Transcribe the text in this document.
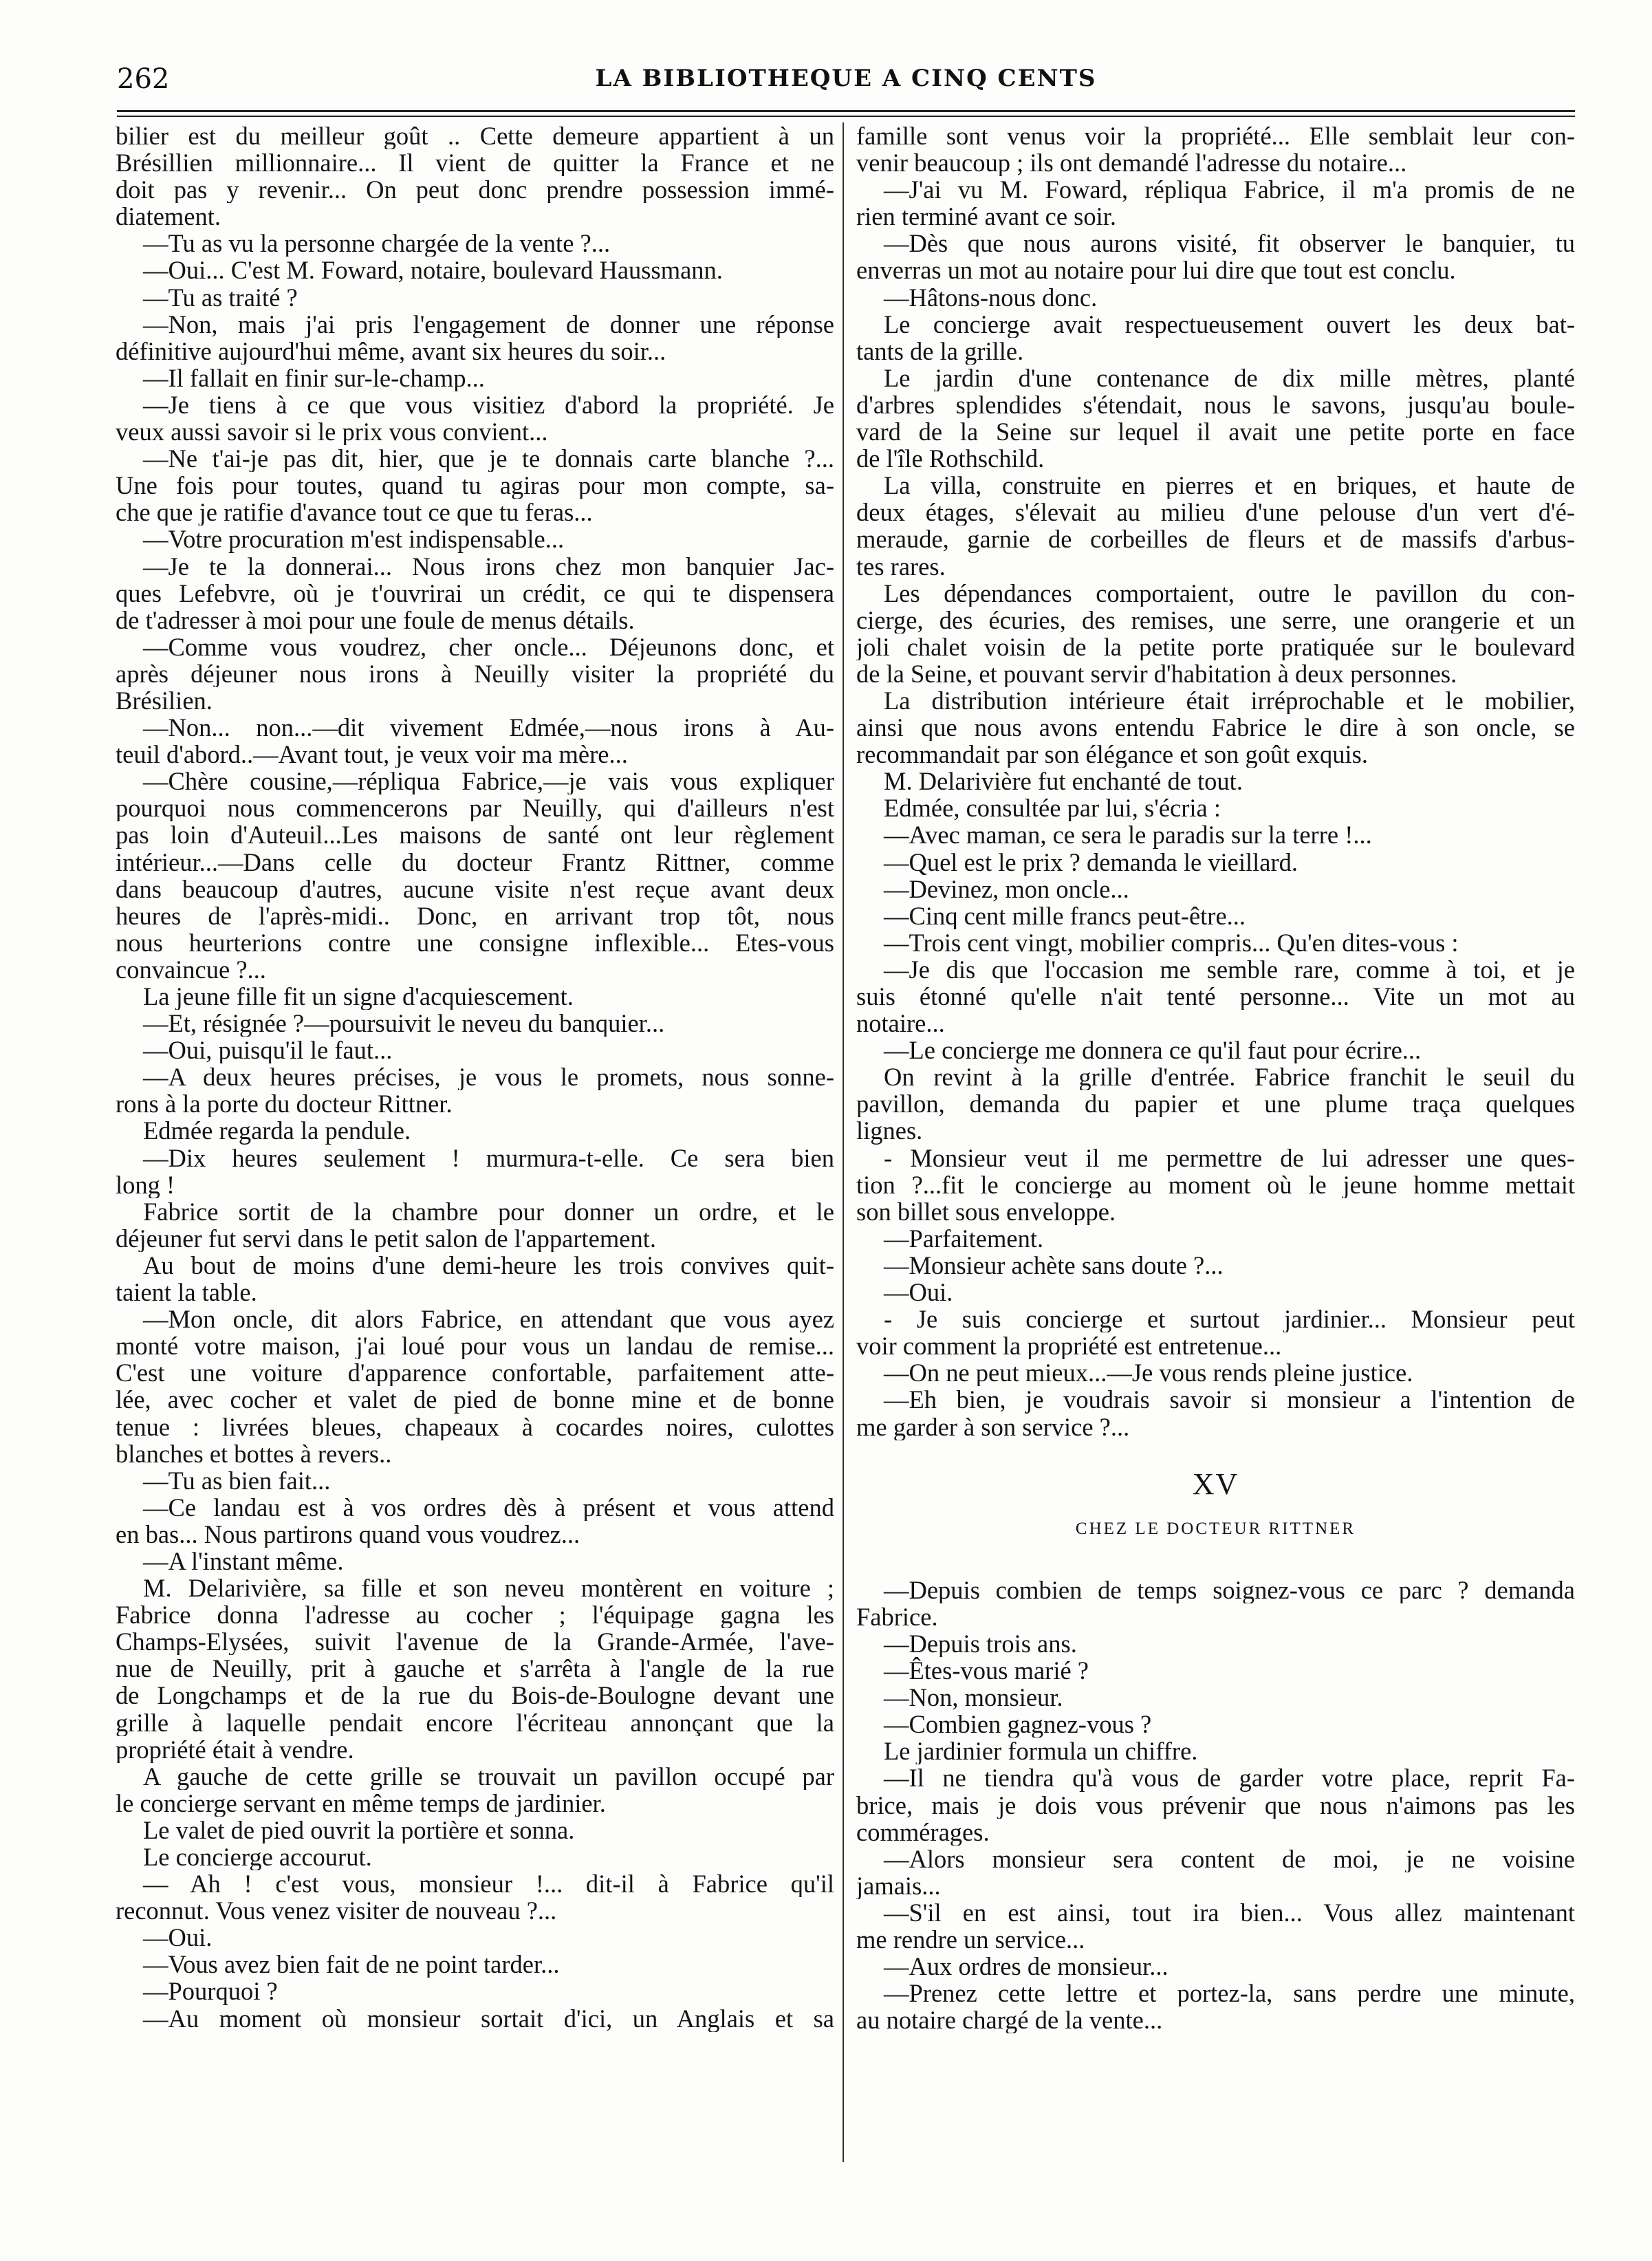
262	LA BIBLIOTHEQUE A CINQ CENTS

bilier est du meilleur goût .. Cette demeure appartient à un

Brésillien millionnaire... Il vient de quitter la France et ne

doit pas y revenir... On peut donc prendre possession immé-

diatement.

—Tu as vu la personne chargée de la vente ?...

—Oui... C'est M. Foward, notaire, boulevard Haussmann.

—Tu as traité ?

—Non, mais j'ai pris l'engagement de donner une réponse

définitive aujourd'hui même, avant six heures du soir...

—Il fallait en finir sur-le-champ...

—Je tiens à ce que vous visitiez d'abord la propriété. Je

veux aussi savoir si le prix vous convient...

—Ne t'ai-je pas dit, hier, que je te donnais carte blanche ?...

Une fois pour toutes, quand tu agiras pour mon compte, sa-

che que je ratifie d'avance tout ce que tu feras...

—Votre procuration m'est indispensable...

—Je te la donnerai... Nous irons chez mon banquier Jac-

ques Lefebvre, où je t'ouvrirai un crédit, ce qui te dispensera

de t'adresser à moi pour une foule de menus détails.

—Comme vous voudrez, cher oncle... Déjeunons donc, et

après déjeuner nous irons à Neuilly visiter la propriété du

Brésilien.

—Non... non...—dit vivement Edmée,—nous irons à Au-

teuil d'abord..—Avant tout, je veux voir ma mère...

—Chère cousine,—répliqua Fabrice,—je vais vous expliquer

pourquoi nous commencerons par Neuilly, qui d'ailleurs n'est

pas loin d'Auteuil...Les maisons de santé ont leur règlement

intérieur...—Dans celle du docteur Frantz Rittner, comme

dans beaucoup d'autres, aucune visite n'est reçue avant deux

heures de l'après-midi.. Donc, en arrivant trop tôt, nous

nous heurterions contre une consigne inflexible... Etes-vous

convaincue ?...

La jeune fille fit un signe d'acquiescement.

—Et, résignée ?—poursuivit le neveu du banquier...

—Oui, puisqu'il le faut...

—A deux heures précises, je vous le promets, nous sonne-

rons à la porte du docteur Rittner.

Edmée regarda la pendule.

—Dix heures seulement ! murmura-t-elle. Ce sera bien

long !

Fabrice sortit de la chambre pour donner un ordre, et le

déjeuner fut servi dans le petit salon de l'appartement.

Au bout de moins d'une demi-heure les trois convives quit-

taient la table.

—Mon oncle, dit alors Fabrice, en attendant que vous ayez

monté votre maison, j'ai loué pour vous un landau de remise...

C'est une voiture d'apparence confortable, parfaitement atte-

lée, avec cocher et valet de pied de bonne mine et de bonne

tenue : livrées bleues, chapeaux à cocardes noires, culottes

blanches et bottes à revers..

—Tu as bien fait...

—Ce landau est à vos ordres dès à présent et vous attend

en bas... Nous partirons quand vous voudrez...

—A l'instant même.

M. Delarivière, sa fille et son neveu montèrent en voiture ;

Fabrice donna l'adresse au cocher ; l'équipage gagna les

Champs-Elysées, suivit l'avenue de la Grande-Armée, l'ave-

nue de Neuilly, prit à gauche et s'arrêta à l'angle de la rue

de Longchamps et de la rue du Bois-de-Boulogne devant une

grille à laquelle pendait encore l'écriteau annonçant que la

propriété était à vendre.

A gauche de cette grille se trouvait un pavillon occupé par

le concierge servant en même temps de jardinier.

Le valet de pied ouvrit la portière et sonna.

Le concierge accourut.

— Ah ! c'est vous, monsieur !... dit-il à Fabrice qu'il

reconnut. Vous venez visiter de nouveau ?...

—Oui.

—Vous avez bien fait de ne point tarder...

—Pourquoi ?

—Au moment où monsieur sortait d'ici, un Anglais et sa

famille sont venus voir la propriété... Elle semblait leur con-

venir beaucoup ; ils ont demandé l'adresse du notaire...

—J'ai vu M. Foward, répliqua Fabrice, il m'a promis de ne

rien terminé avant ce soir.

—Dès que nous aurons visité, fit observer le banquier, tu

enverras un mot au notaire pour lui dire que tout est conclu.

—Hâtons-nous donc.

Le concierge avait respectueusement ouvert les deux bat-

tants de la grille.

Le jardin d'une contenance de dix mille mètres, planté

d'arbres splendides s'étendait, nous le savons, jusqu'au boule-

vard de la Seine sur lequel il avait une petite porte en face

de l'île Rothschild.

La villa, construite en pierres et en briques, et haute de

deux étages, s'élevait au milieu d'une pelouse d'un vert d'é-

meraude, garnie de corbeilles de fleurs et de massifs d'arbus-

tes rares.

Les dépendances comportaient, outre le pavillon du con-

cierge, des écuries, des remises, une serre, une orangerie et un

joli chalet voisin de la petite porte pratiquée sur le boulevard

de la Seine, et pouvant servir d'habitation à deux personnes.

La distribution intérieure était irréprochable et le mobilier,

ainsi que nous avons entendu Fabrice le dire à son oncle, se

recommandait par son élégance et son goût exquis.

M. Delarivière fut enchanté de tout.

Edmée, consultée par lui, s'écria :

—Avec maman, ce sera le paradis sur la terre !...

—Quel est le prix ? demanda le vieillard.

—Devinez, mon oncle...

—Cinq cent mille francs peut-être...

—Trois cent vingt, mobilier compris... Qu'en dites-vous :

—Je dis que l'occasion me semble rare, comme à toi, et je

suis étonné qu'elle n'ait tenté personne... Vite un mot au

notaire...

—Le concierge me donnera ce qu'il faut pour écrire...

On revint à la grille d'entrée. Fabrice franchit le seuil du

pavillon, demanda du papier et une plume traça quelques

lignes.

- Monsieur veut il me permettre de lui adresser une ques-

tion ?...fit le concierge au moment où le jeune homme mettait

son billet sous enveloppe.

—Parfaitement.

—Monsieur achète sans doute ?...

—Oui.

- Je suis concierge et surtout jardinier... Monsieur peut

voir comment la propriété est entretenue...

—On ne peut mieux...—Je vous rends pleine justice.

—Eh bien, je voudrais savoir si monsieur a l'intention de

me garder à son service ?...

XV

CHEZ LE DOCTEUR RITTNER

—Depuis combien de temps soignez-vous ce parc ? demanda

Fabrice.

—Depuis trois ans.

—Êtes-vous marié ?

—Non, monsieur.

—Combien gagnez-vous ?

Le jardinier formula un chiffre.

—Il ne tiendra qu'à vous de garder votre place, reprit Fa-

brice, mais je dois vous prévenir que nous n'aimons pas les

commérages.

—Alors monsieur sera content de moi, je ne voisine

jamais...

—S'il en est ainsi, tout ira bien... Vous allez maintenant

me rendre un service...

—Aux ordres de monsieur...

—Prenez cette lettre et portez-la, sans perdre une minute,

au notaire chargé de la vente...
